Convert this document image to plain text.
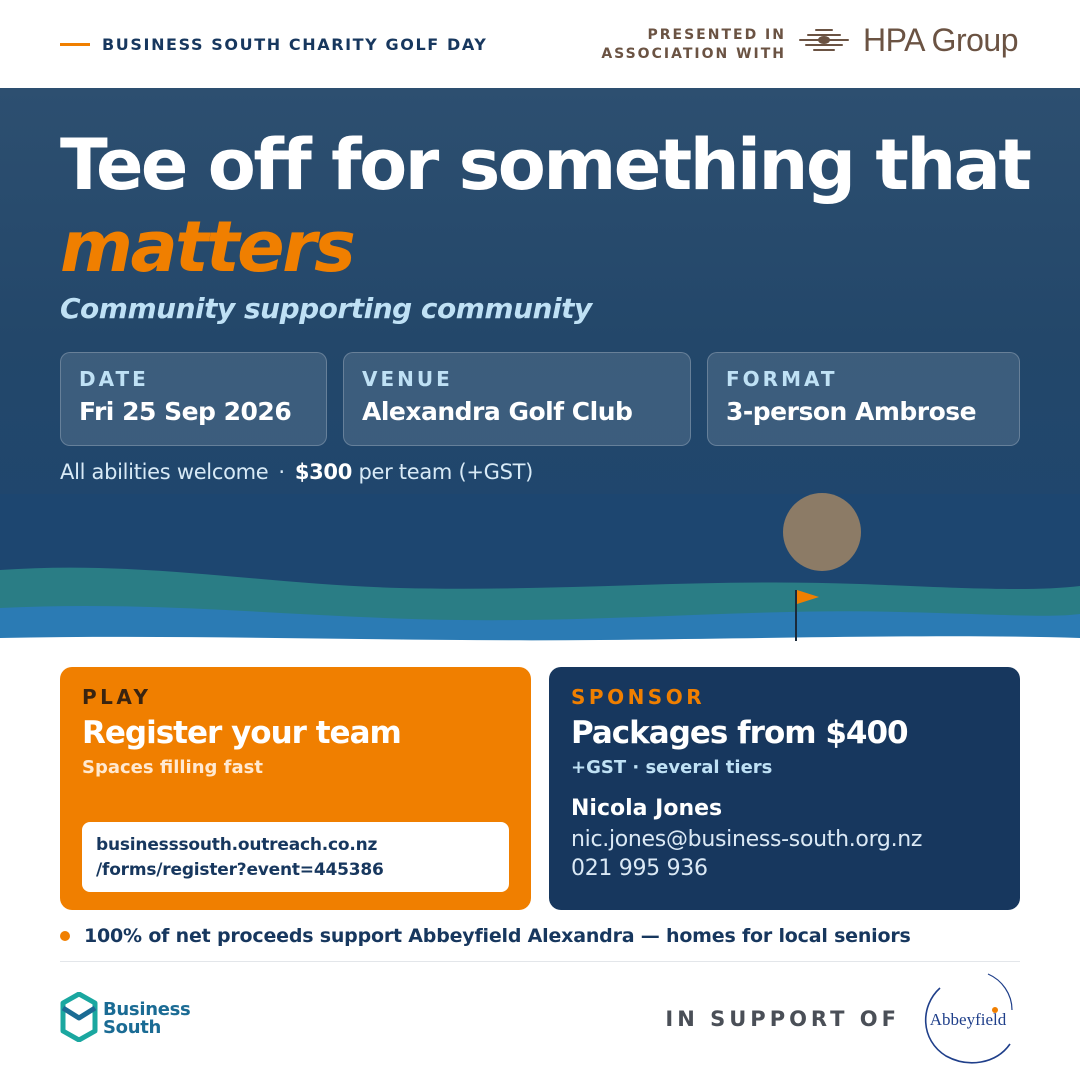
BUSINESS SOUTH CHARITY GOLF DAY	PRESENTED IN
ASSOCIATION WITH HPA Group
Tee off for something that
matters
Community supporting community
DATE
Fri 25 Sep 2026
VENUE
Alexandra Golf Club
FORMAT
3-person Ambrose
All abilities welcome · $300 per team (+GST)
PLAY
Register your team
Spaces filling fast
businesssouth.outreach.co.nz
/forms/register?event=445386
SPONSOR
Packages from $400
+GST · several tiers
Nicola Jones
nic.jones@business-south.org.nz
021 995 936
100% of net proceeds support Abbeyfield Alexandra — homes for local seniors
Business
South	IN SUPPORT OF Abbeyfield
